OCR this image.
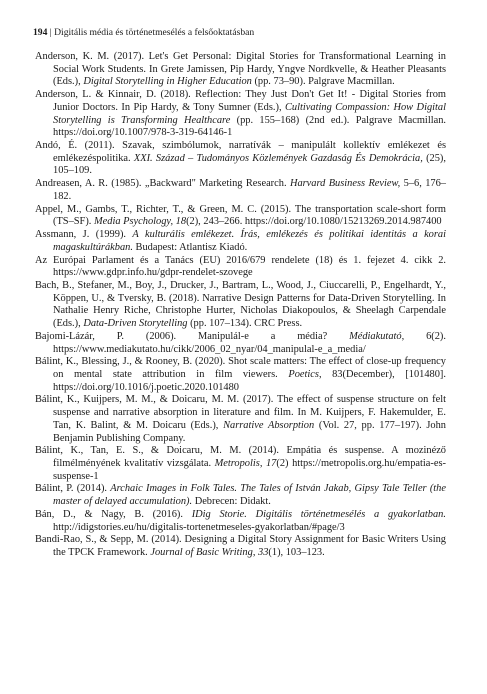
194 | Digitális média és történetmesélés a felsőoktatásban

Anderson, K. M. (2017). Let's Get Personal: Digital Stories for Transformational Learning in Social Work Students. In Grete Jamissen, Pip Hardy, Yngve Nordkvelle, & Heather Pleasants (Eds.), Digital Storytelling in Higher Education (pp. 73–90). Palgrave Macmillan.

Anderson, L. & Kinnair, D. (2018). Reflection: They Just Don't Get It! - Digital Stories from Junior Doctors. In Pip Hardy, & Tony Sumner (Eds.), Cultivating Compassion: How Digital Storytelling is Transforming Healthcare (pp. 155–168) (2nd ed.). Palgrave Macmillan. https://doi.org/10.1007/978-3-319-64146-1

Andó, É. (2011). Szavak, szimbólumok, narratívák – manipulált kollektív emlékezet és emlékezéspolitika. XXI. Század – Tudományos Közlemények Gazdaság És Demokrácia, (25), 105–109.

Andreasen, A. R. (1985). „Backward" Marketing Research. Harvard Business Review, 5–6, 176–182.

Appel, M., Gambs, T., Richter, T., & Green, M. C. (2015). The transportation scale-short form (TS–SF). Media Psychology, 18(2), 243–266. https://doi.org/10.1080/15213269.2014.987400

Assmann, J. (1999). A kulturális emlékezet. Írás, emlékezés és politikai identitás a korai magaskultúrákban. Budapest: Atlantisz Kiadó.

Az Európai Parlament és a Tanács (EU) 2016/679 rendelete (18) és 1. fejezet 4. cikk 2. https://www.gdpr.info.hu/gdpr-rendelet-szovege

Bach, B., Stefaner, M., Boy, J., Drucker, J., Bartram, L., Wood, J., Ciuccarelli, P., Engelhardt, Y., Köppen, U., & Tversky, B. (2018). Narrative Design Patterns for Data-Driven Storytelling. In Nathalie Henry Riche, Christophe Hurter, Nicholas Diakopoulos, & Sheelagh Carpendale (Eds.), Data-Driven Storytelling (pp. 107–134). CRC Press.

Bajomi-Lázár, P. (2006). Manipulál-e a média? Médiakutató, 6(2). https://www.mediakutato.hu/cikk/2006_02_nyar/04_manipulal-e_a_media/

Bálint, K., Blessing, J., & Rooney, B. (2020). Shot scale matters: The effect of close-up frequency on mental state attribution in film viewers. Poetics, 83(December), [101480]. https://doi.org/10.1016/j.poetic.2020.101480

Bálint, K., Kuijpers, M. M., & Doicaru, M. M. (2017). The effect of suspense structure on felt suspense and narrative absorption in literature and film. In M. Kuijpers, F. Hakemulder, E. Tan, K. Balint, & M. Doicaru (Eds.), Narrative Absorption (Vol. 27, pp. 177–197). John Benjamin Publishing Company.

Bálint, K., Tan, E. S., & Doicaru, M. M. (2014). Empátia és suspense. A mozinéző filmélményének kvalitatív vizsgálata. Metropolis, 17(2) https://metropolis.org.hu/empatia-es-suspense-1

Bálint, P. (2014). Archaic Images in Folk Tales. The Tales of István Jakab, Gipsy Tale Teller (the master of delayed accumulation). Debrecen: Didakt.

Bán, D., & Nagy, B. (2016). IDig Storie. Digitális történetmesélés a gyakorlatban. http://idigstories.eu/hu/digitalis-tortenetmeseles-gyakorlatban/#page/3

Bandi-Rao, S., & Sepp, M. (2014). Designing a Digital Story Assignment for Basic Writers Using the TPCK Framework. Journal of Basic Writing, 33(1), 103–123.
